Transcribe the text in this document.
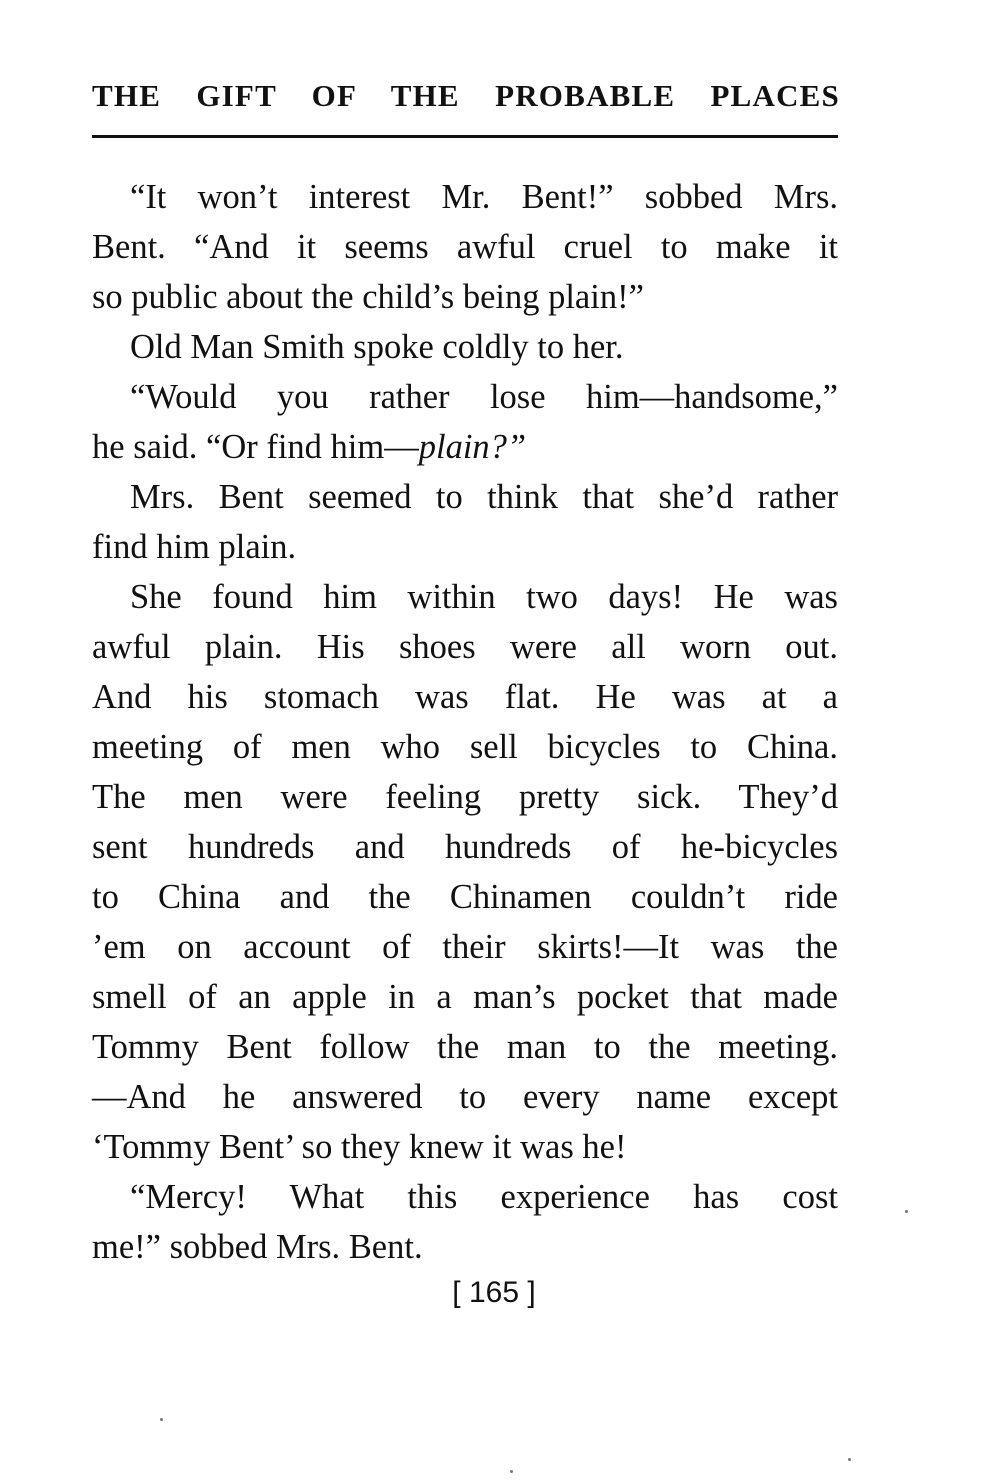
THE GIFT OF THE PROBABLE PLACES
“It won’t interest Mr. Bent!” sobbed Mrs.
Bent. “And it seems awful cruel to make it
so public about the child’s being plain!”
Old Man Smith spoke coldly to her.
“Would you rather lose him—handsome,”
he said. “Or find him—plain?”
Mrs. Bent seemed to think that she’d rather
find him plain.
She found him within two days! He was
awful plain. His shoes were all worn out.
And his stomach was flat. He was at a
meeting of men who sell bicycles to China.
The men were feeling pretty sick. They’d
sent hundreds and hundreds of he-bicycles
to China and the Chinamen couldn’t ride
’em on account of their skirts!—It was the
smell of an apple in a man’s pocket that made
Tommy Bent follow the man to the meeting.
—And he answered to every name except
‘Tommy Bent’ so they knew it was he!
“Mercy! What this experience has cost
me!” sobbed Mrs. Bent.
[ 165 ]
